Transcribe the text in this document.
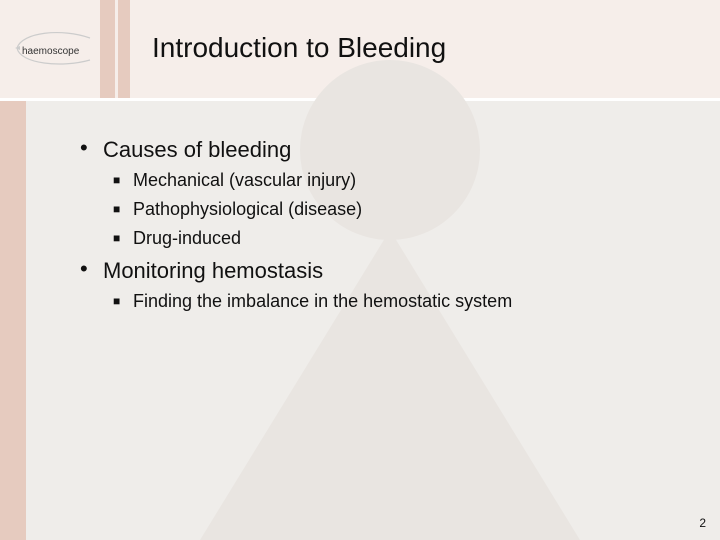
haemoscope	Introduction to Bleeding
• Causes of bleeding
■ Mechanical (vascular injury)
■ Pathophysiological (disease)
■ Drug-induced
• Monitoring hemostasis
■ Finding the imbalance in the hemostatic system
2
